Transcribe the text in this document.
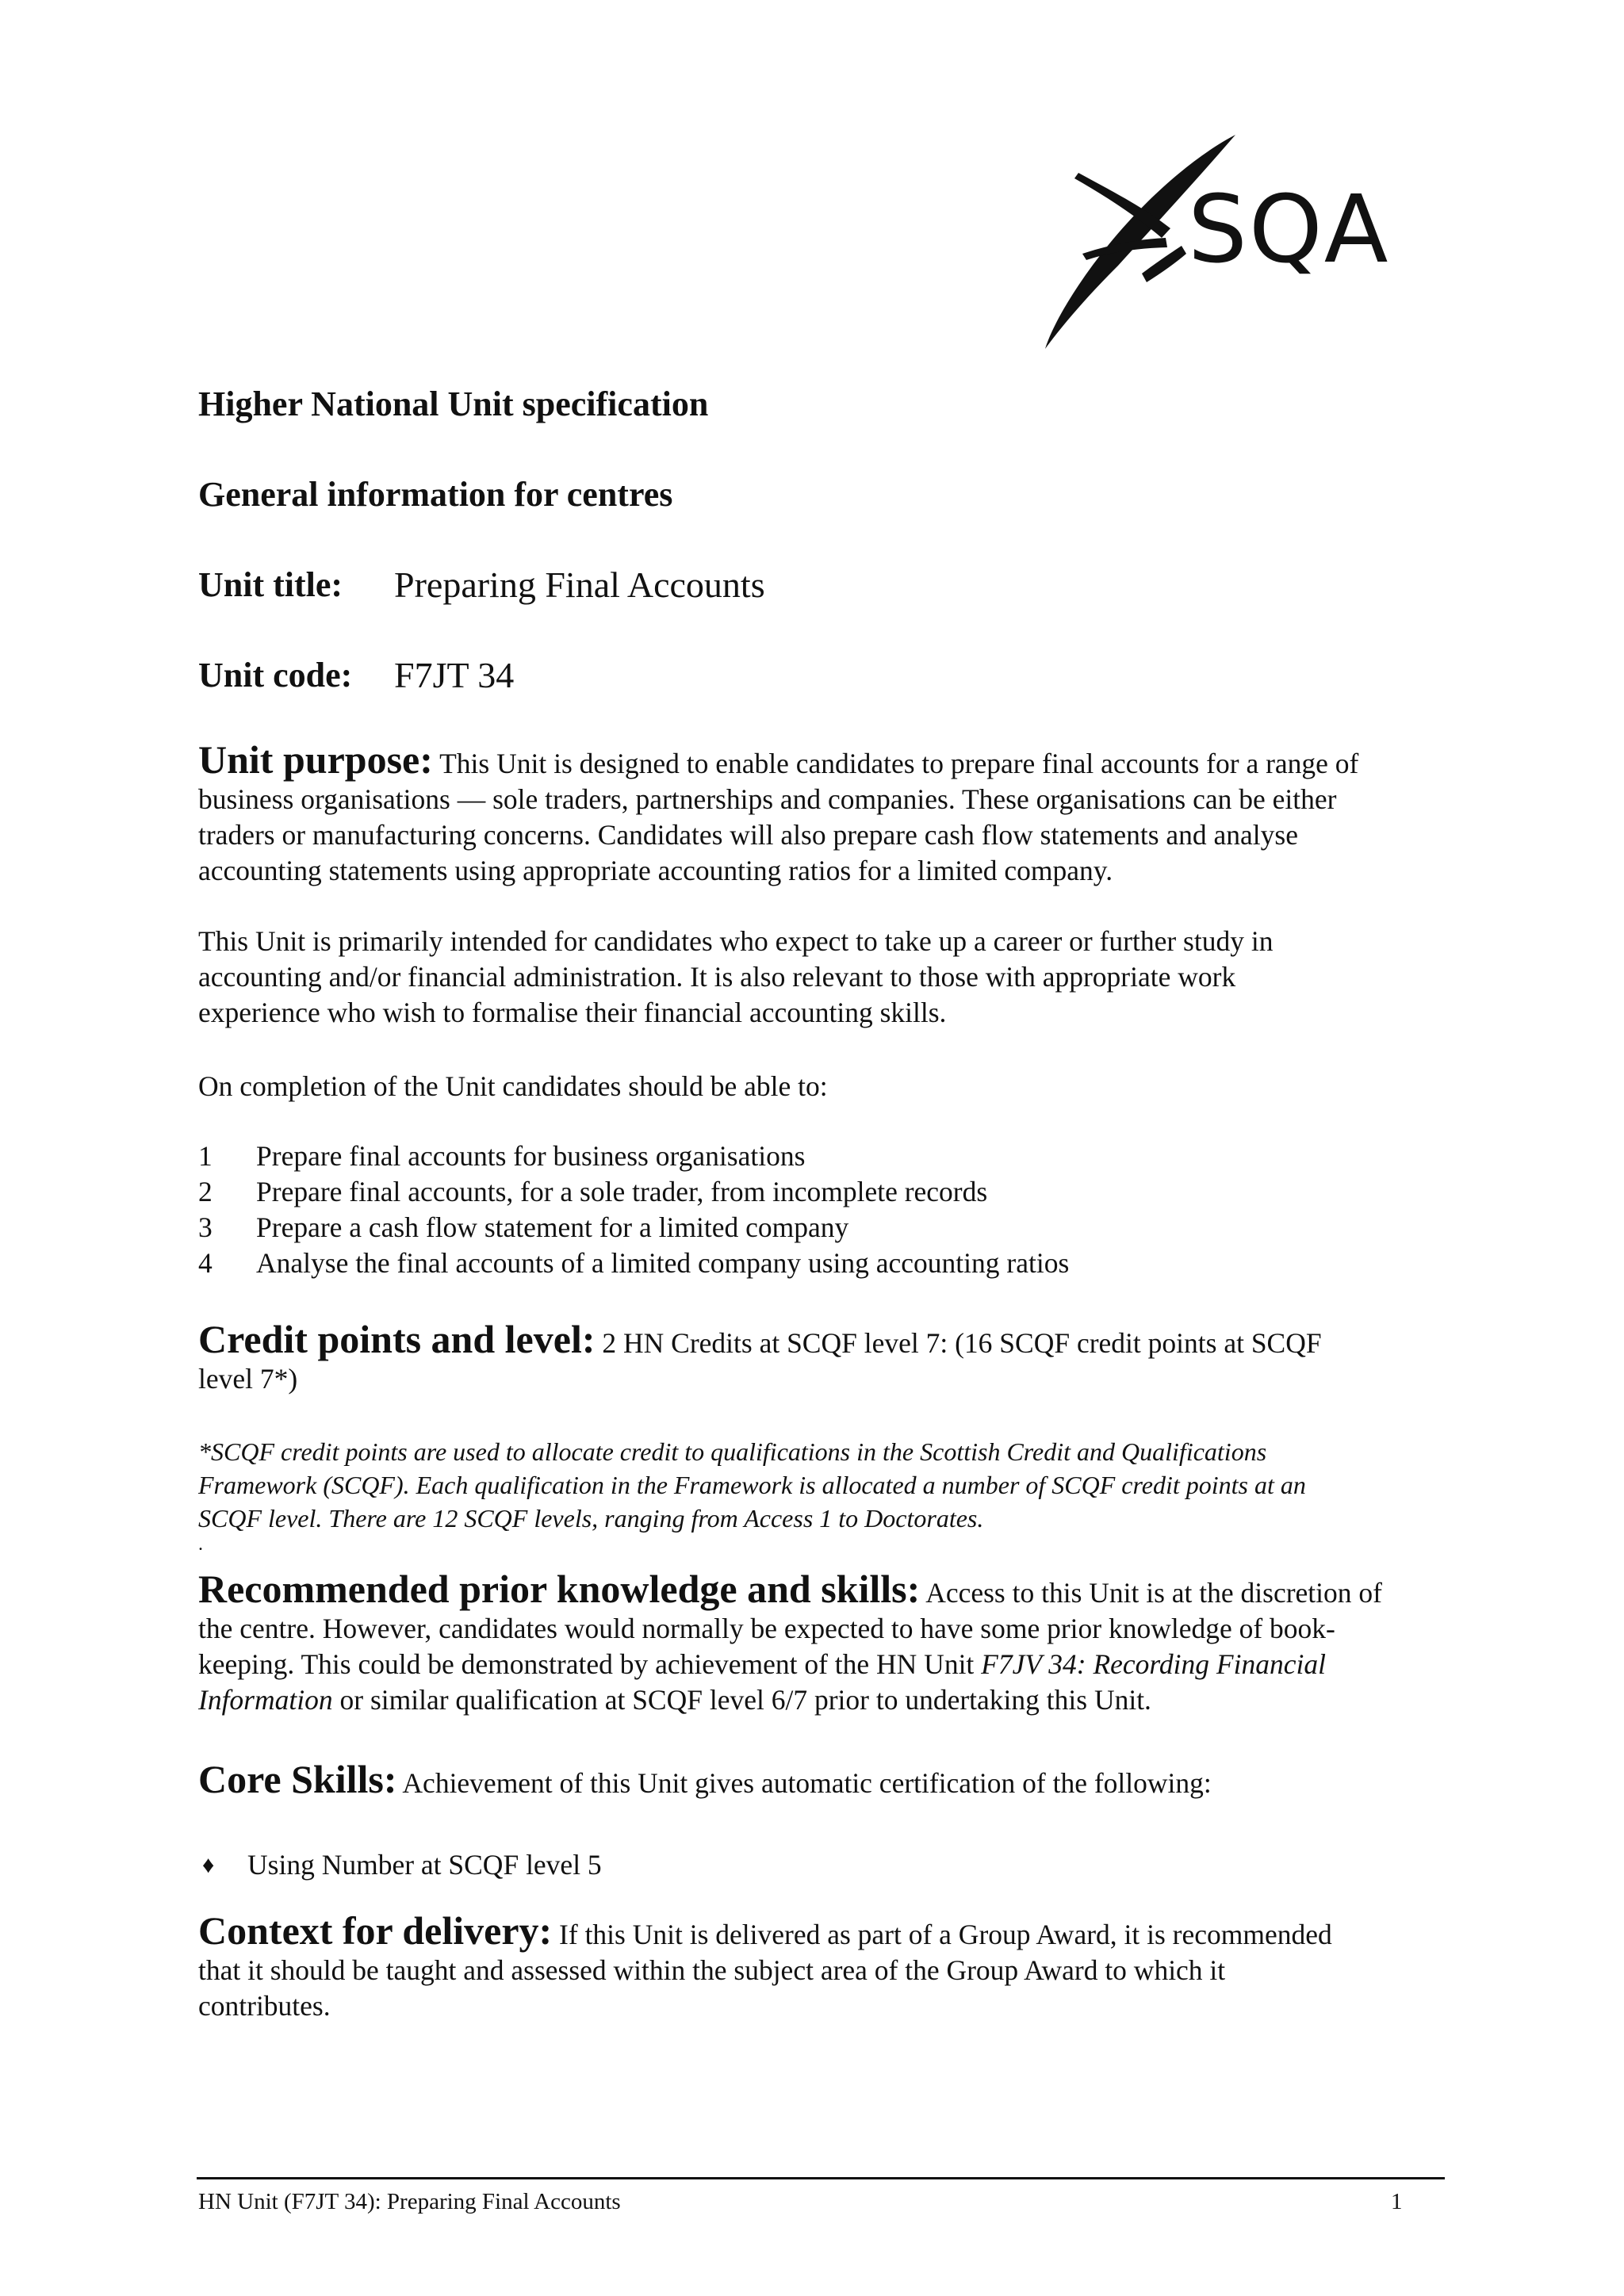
SQA
Higher National Unit specification
General information for centres
Unit title: Preparing Final Accounts
Unit code: F7JT 34
Unit purpose: This Unit is designed to enable candidates to prepare final accounts for a range of
business organisations — sole traders, partnerships and companies. These organisations can be either
traders or manufacturing concerns. Candidates will also prepare cash flow statements and analyse
accounting statements using appropriate accounting ratios for a limited company.
This Unit is primarily intended for candidates who expect to take up a career or further study in
accounting and/or financial administration. It is also relevant to those with appropriate work
experience who wish to formalise their financial accounting skills.
On completion of the Unit candidates should be able to:
1 Prepare final accounts for business organisations
2 Prepare final accounts, for a sole trader, from incomplete records
3 Prepare a cash flow statement for a limited company
4 Analyse the final accounts of a limited company using accounting ratios
Credit points and level: 2 HN Credits at SCQF level 7: (16 SCQF credit points at SCQF
level 7*)
*SCQF credit points are used to allocate credit to qualifications in the Scottish Credit and Qualifications
Framework (SCQF). Each qualification in the Framework is allocated a number of SCQF credit points at an
SCQF level. There are 12 SCQF levels, ranging from Access 1 to Doctorates.
.
Recommended prior knowledge and skills: Access to this Unit is at the discretion of
the centre. However, candidates would normally be expected to have some prior knowledge of book-
keeping. This could be demonstrated by achievement of the HN Unit F7JV 34: Recording Financial
Information or similar qualification at SCQF level 6/7 prior to undertaking this Unit.
Core Skills: Achievement of this Unit gives automatic certification of the following:
♦ Using Number at SCQF level 5
Context for delivery: If this Unit is delivered as part of a Group Award, it is recommended
that it should be taught and assessed within the subject area of the Group Award to which it
contributes.
HN Unit (F7JT 34): Preparing Final Accounts	1
